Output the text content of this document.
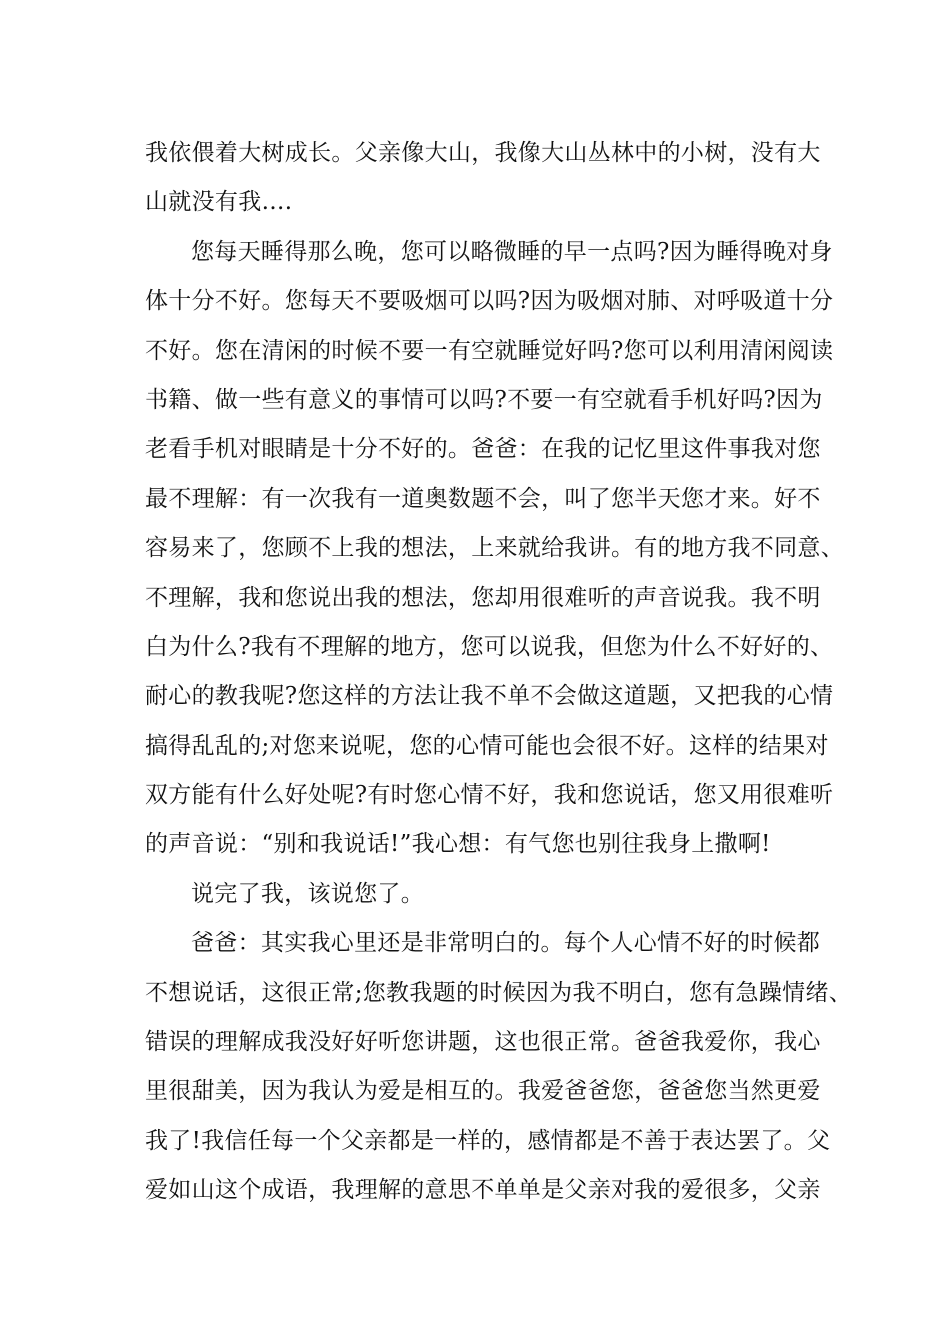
我依偎着大树成长。父亲像大山，我像大山丛林中的小树，没有大
山就没有我….
您每天睡得那么晚，您可以略微睡的早一点吗?因为睡得晚对身
体十分不好。您每天不要吸烟可以吗?因为吸烟对肺、对呼吸道十分
不好。您在清闲的时候不要一有空就睡觉好吗?您可以利用清闲阅读
书籍、做一些有意义的事情可以吗?不要一有空就看手机好吗?因为
老看手机对眼睛是十分不好的。爸爸：在我的记忆里这件事我对您
最不理解：有一次我有一道奥数题不会，叫了您半天您才来。好不
容易来了，您顾不上我的想法，上来就给我讲。有的地方我不同意、
不理解，我和您说出我的想法，您却用很难听的声音说我。我不明
白为什么?我有不理解的地方，您可以说我，但您为什么不好好的、
耐心的教我呢?您这样的方法让我不单不会做这道题，又把我的心情
搞得乱乱的;对您来说呢，您的心情可能也会很不好。这样的结果对
双方能有什么好处呢?有时您心情不好，我和您说话，您又用很难听
的声音说：“别和我说话!”我心想：有气您也别往我身上撒啊!
说完了我，该说您了。
爸爸：其实我心里还是非常明白的。每个人心情不好的时候都
不想说话，这很正常;您教我题的时候因为我不明白，您有急躁情绪、
错误的理解成我没好好听您讲题，这也很正常。爸爸我爱你，我心
里很甜美，因为我认为爱是相互的。我爱爸爸您，爸爸您当然更爱
我了!我信任每一个父亲都是一样的，感情都是不善于表达罢了。父
爱如山这个成语，我理解的意思不单单是父亲对我的爱很多，父亲
